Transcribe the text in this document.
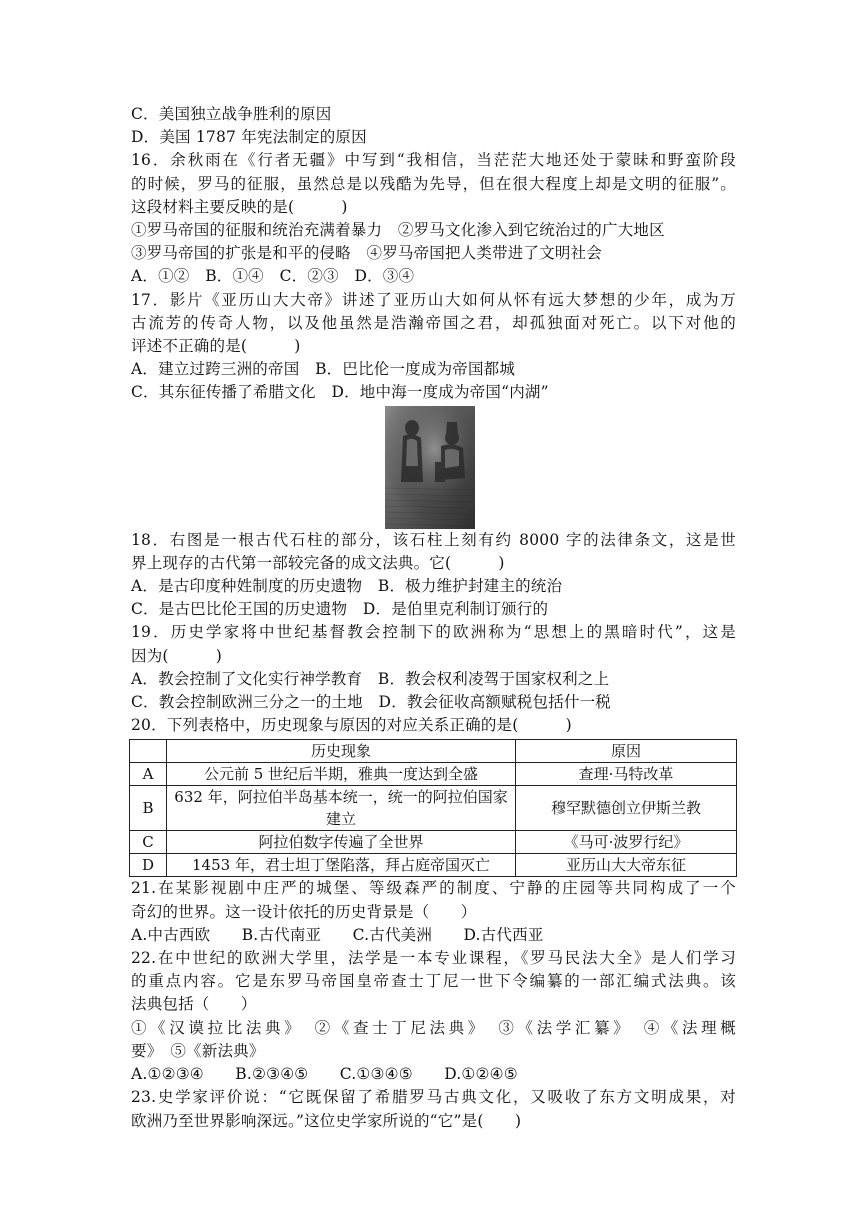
C．美国独立战争胜利的原因
D．美国 1787 年宪法制定的原因
16．余秋雨在《行者无疆》中写到“我相信，当茫茫大地还处于蒙昧和野蛮阶段
的时候，罗马的征服，虽然总是以残酷为先导，但在很大程度上却是文明的征服”。
这段材料主要反映的是(　　　)
①罗马帝国的征服和统治充满着暴力　②罗马文化渗入到它统治过的广大地区
③罗马帝国的扩张是和平的侵略　④罗马帝国把人类带进了文明社会
A．①②　B．①④　C．②③　D．③④
17．影片《亚历山大大帝》讲述了亚历山大如何从怀有远大梦想的少年，成为万
古流芳的传奇人物，以及他虽然是浩瀚帝国之君，却孤独面对死亡。以下对他的
评述不正确的是(　　　)
A．建立过跨三洲的帝国　B．巴比伦一度成为帝国都城
C．其东征传播了希腊文化　D．地中海一度成为帝国“内湖”
18．右图是一根古代石柱的部分，该石柱上刻有约 8000 字的法律条文，这是世
界上现存的古代第一部较完备的成文法典。它(　　　)
A．是古印度种姓制度的历史遗物　B．极力维护封建主的统治
C．是古巴比伦王国的历史遗物　D．是伯里克利制订颁行的
19．历史学家将中世纪基督教会控制下的欧洲称为“思想上的黑暗时代”，这是
因为(　　　)
A．教会控制了文化实行神学教育　B．教会权利凌驾于国家权利之上
C．教会控制欧洲三分之一的土地　D．教会征收高额赋税包括什一税
20．下列表格中，历史现象与原因的对应关系正确的是(　　　)
	历史现象	原因
A	公元前 5 世纪后半期，雅典一度达到全盛	查理·马特改革
B	632 年，阿拉伯半岛基本统一，统一的阿拉伯国家建立	穆罕默德创立伊斯兰教
C	阿拉伯数字传遍了全世界	《马可·波罗行纪》
D	1453 年，君士坦丁堡陷落，拜占庭帝国灭亡	亚历山大大帝东征
21.在某影视剧中庄严的城堡、等级森严的制度、宁静的庄园等共同构成了一个
奇幻的世界。这一设计依托的历史背景是（　　）
A.中古西欧　　B.古代南亚　　C.古代美洲　　D.古代西亚
22.在中世纪的欧洲大学里，法学是一本专业课程，《罗马民法大全》是人们学习
的重点内容。它是东罗马帝国皇帝查士丁尼一世下令编纂的一部汇编式法典。该
法典包括（　　）
①《汉谟拉比法典》　②《查士丁尼法典》　③《法学汇纂》　④《法理概
要》　⑤《新法典》
A.①②③④　　B.②③④⑤　　C.①③④⑤　　D.①②④⑤
23.史学家评价说：“它既保留了希腊罗马古典文化，又吸收了东方文明成果，对
欧洲乃至世界影响深远。”这位史学家所说的“它”是(　　)
